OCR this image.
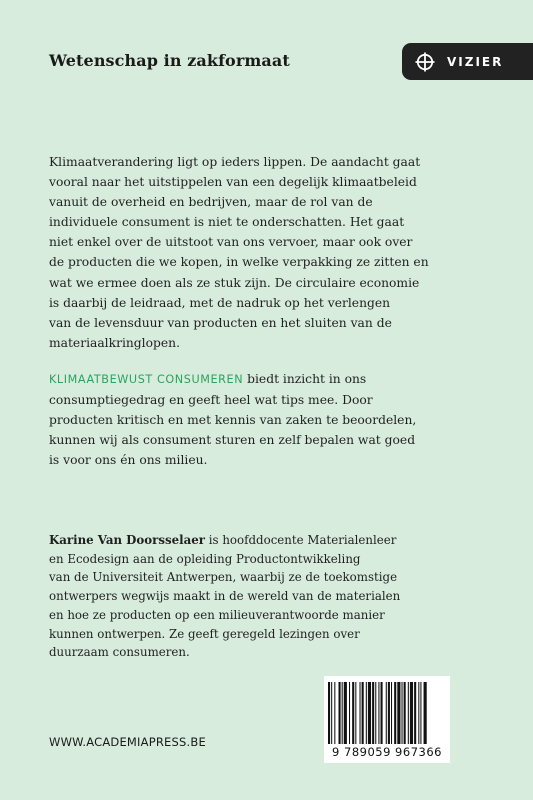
Wetenschap in zakformaat	VIZIER

Klimaatverandering ligt op ieders lippen. De aandacht gaat
vooral naar het uitstippelen van een degelijk klimaatbeleid
vanuit de overheid en bedrijven, maar de rol van de
individuele consument is niet te onderschatten. Het gaat
niet enkel over de uitstoot van ons vervoer, maar ook over
de producten die we kopen, in welke verpakking ze zitten en
wat we ermee doen als ze stuk zijn. De circulaire economie
is daarbij de leidraad, met de nadruk op het verlengen
van de levensduur van producten en het sluiten van de
materiaalkringlopen.

KLIMAATBEWUST CONSUMEREN biedt inzicht in ons
consumptiegedrag en geeft heel wat tips mee. Door
producten kritisch en met kennis van zaken te beoordelen,
kunnen wij als consument sturen en zelf bepalen wat goed
is voor ons én ons milieu.

Karine Van Doorsselaer is hoofddocente Materialenleer
en Ecodesign aan de opleiding Productontwikkeling
van de Universiteit Antwerpen, waarbij ze de toekomstige
ontwerpers wegwijs maakt in de wereld van de materialen
en hoe ze producten op een milieuverantwoorde manier
kunnen ontwerpen. Ze geeft geregeld lezingen over
duurzaam consumeren.

WWW.ACADEMIAPRESS.BE
9 789059 967366
